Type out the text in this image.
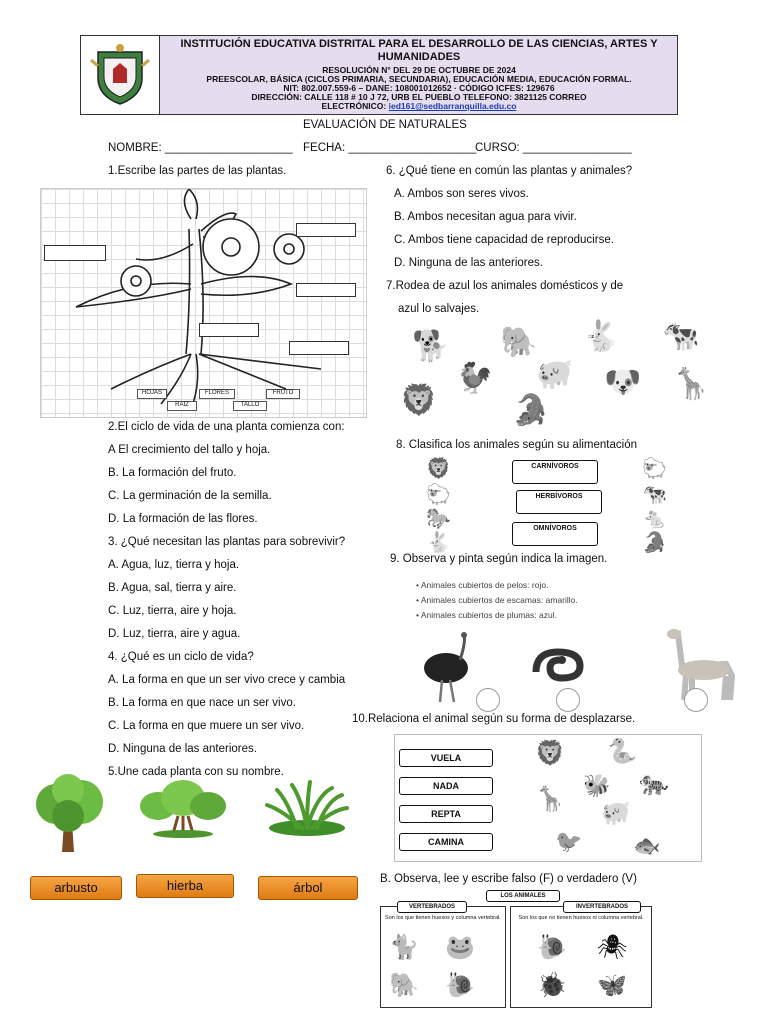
INSTITUCIÓN EDUCATIVA DISTRITAL PARA EL DESARROLLO DE LAS CIENCIAS, ARTES Y
HUMANIDADES
RESOLUCIÓN N° DEL 29 DE OCTUBRE DE 2024
PREESCOLAR, BÁSICA (CICLOS PRIMARIA, SECUNDARIA), EDUCACIÓN MEDIA, EDUCACIÓN FORMAL.
NIT: 802.007.559-6 – DANE: 108001012652 · CÓDIGO ICFES: 129676
DIRECCIÓN: CALLE 118 # 10 J 72, URB EL PUEBLO TELEFONO: 3821125 CORREO
ELECTRÓNICO: ied161@sedbarranquilla.edu.co
EVALUACIÓN DE NATURALES
NOMBRE: ____________________ FECHA: ____________________
CURSO: _________________
1.Escribe las partes de las plantas.
HOJAS	FLORES	FRUTO
RAIZ	TALLO
2.El ciclo de vida de una planta comienza con:
A El crecimiento del tallo y hoja.
B. La formación del fruto.
C. La germinación de la semilla.
D. La formación de las flores.
3. ¿Qué necesitan las plantas para sobrevivir?
A. Agua, luz, tierra y hoja.
B. Agua, sal, tierra y aire.
C. Luz, tierra, aire y hoja.
D. Luz, tierra, aire y agua.
4. ¿Qué es un ciclo de vida?
A. La forma en que un ser vivo crece y cambia
B. La forma en que nace un ser vivo.
C. La forma en que muere un ser vivo.
D. Ninguna de las anteriores.
5.Une cada planta con su nombre.
arbusto	hierba	árbol
6. ¿Qué tiene en común las plantas y animales?
A. Ambos son seres vivos.
B. Ambos necesitan agua para vivir.
C. Ambos tiene capacidad de reproducirse.
D. Ninguna de las anteriores.
7.Rodea de azul los animales domésticos y de
azul lo salvajes.
🐕 🐘 🐇 🐄
🐓 🐖 🐶 🦒
🦁 🐊
8. Clasifica los animales según su alimentación
🦁
🐑
🐎
🐇
CARNÍVOROS
HERBÍVOROS
OMNÍVOROS
🐑
🐄
🐁
🐊
9. Observa y pinta según indica la imagen.
• Animales cubiertos de pelos: rojo.
• Animales cubiertos de escamas: amarillo.
• Animales cubiertos de plumas: azul.
10.Relaciona el animal según su forma de desplazarse.
VUELA
NADA
REPTA
CAMINA
🦁 🐍
🐝 🐅
🦒
🐖
🐦 🐟
B. Observa, lee y escribe falso (F) o verdadero (V)
LOS ANIMALES
VERTEBRADOS
Son los que tienen huesos y columna vertebral.
🐈 🐸
🐘 🐌
INVERTEBRADOS
Son los que no tienen huesos ni columna vertebral.
🐌 🕷
🐞 🦋
